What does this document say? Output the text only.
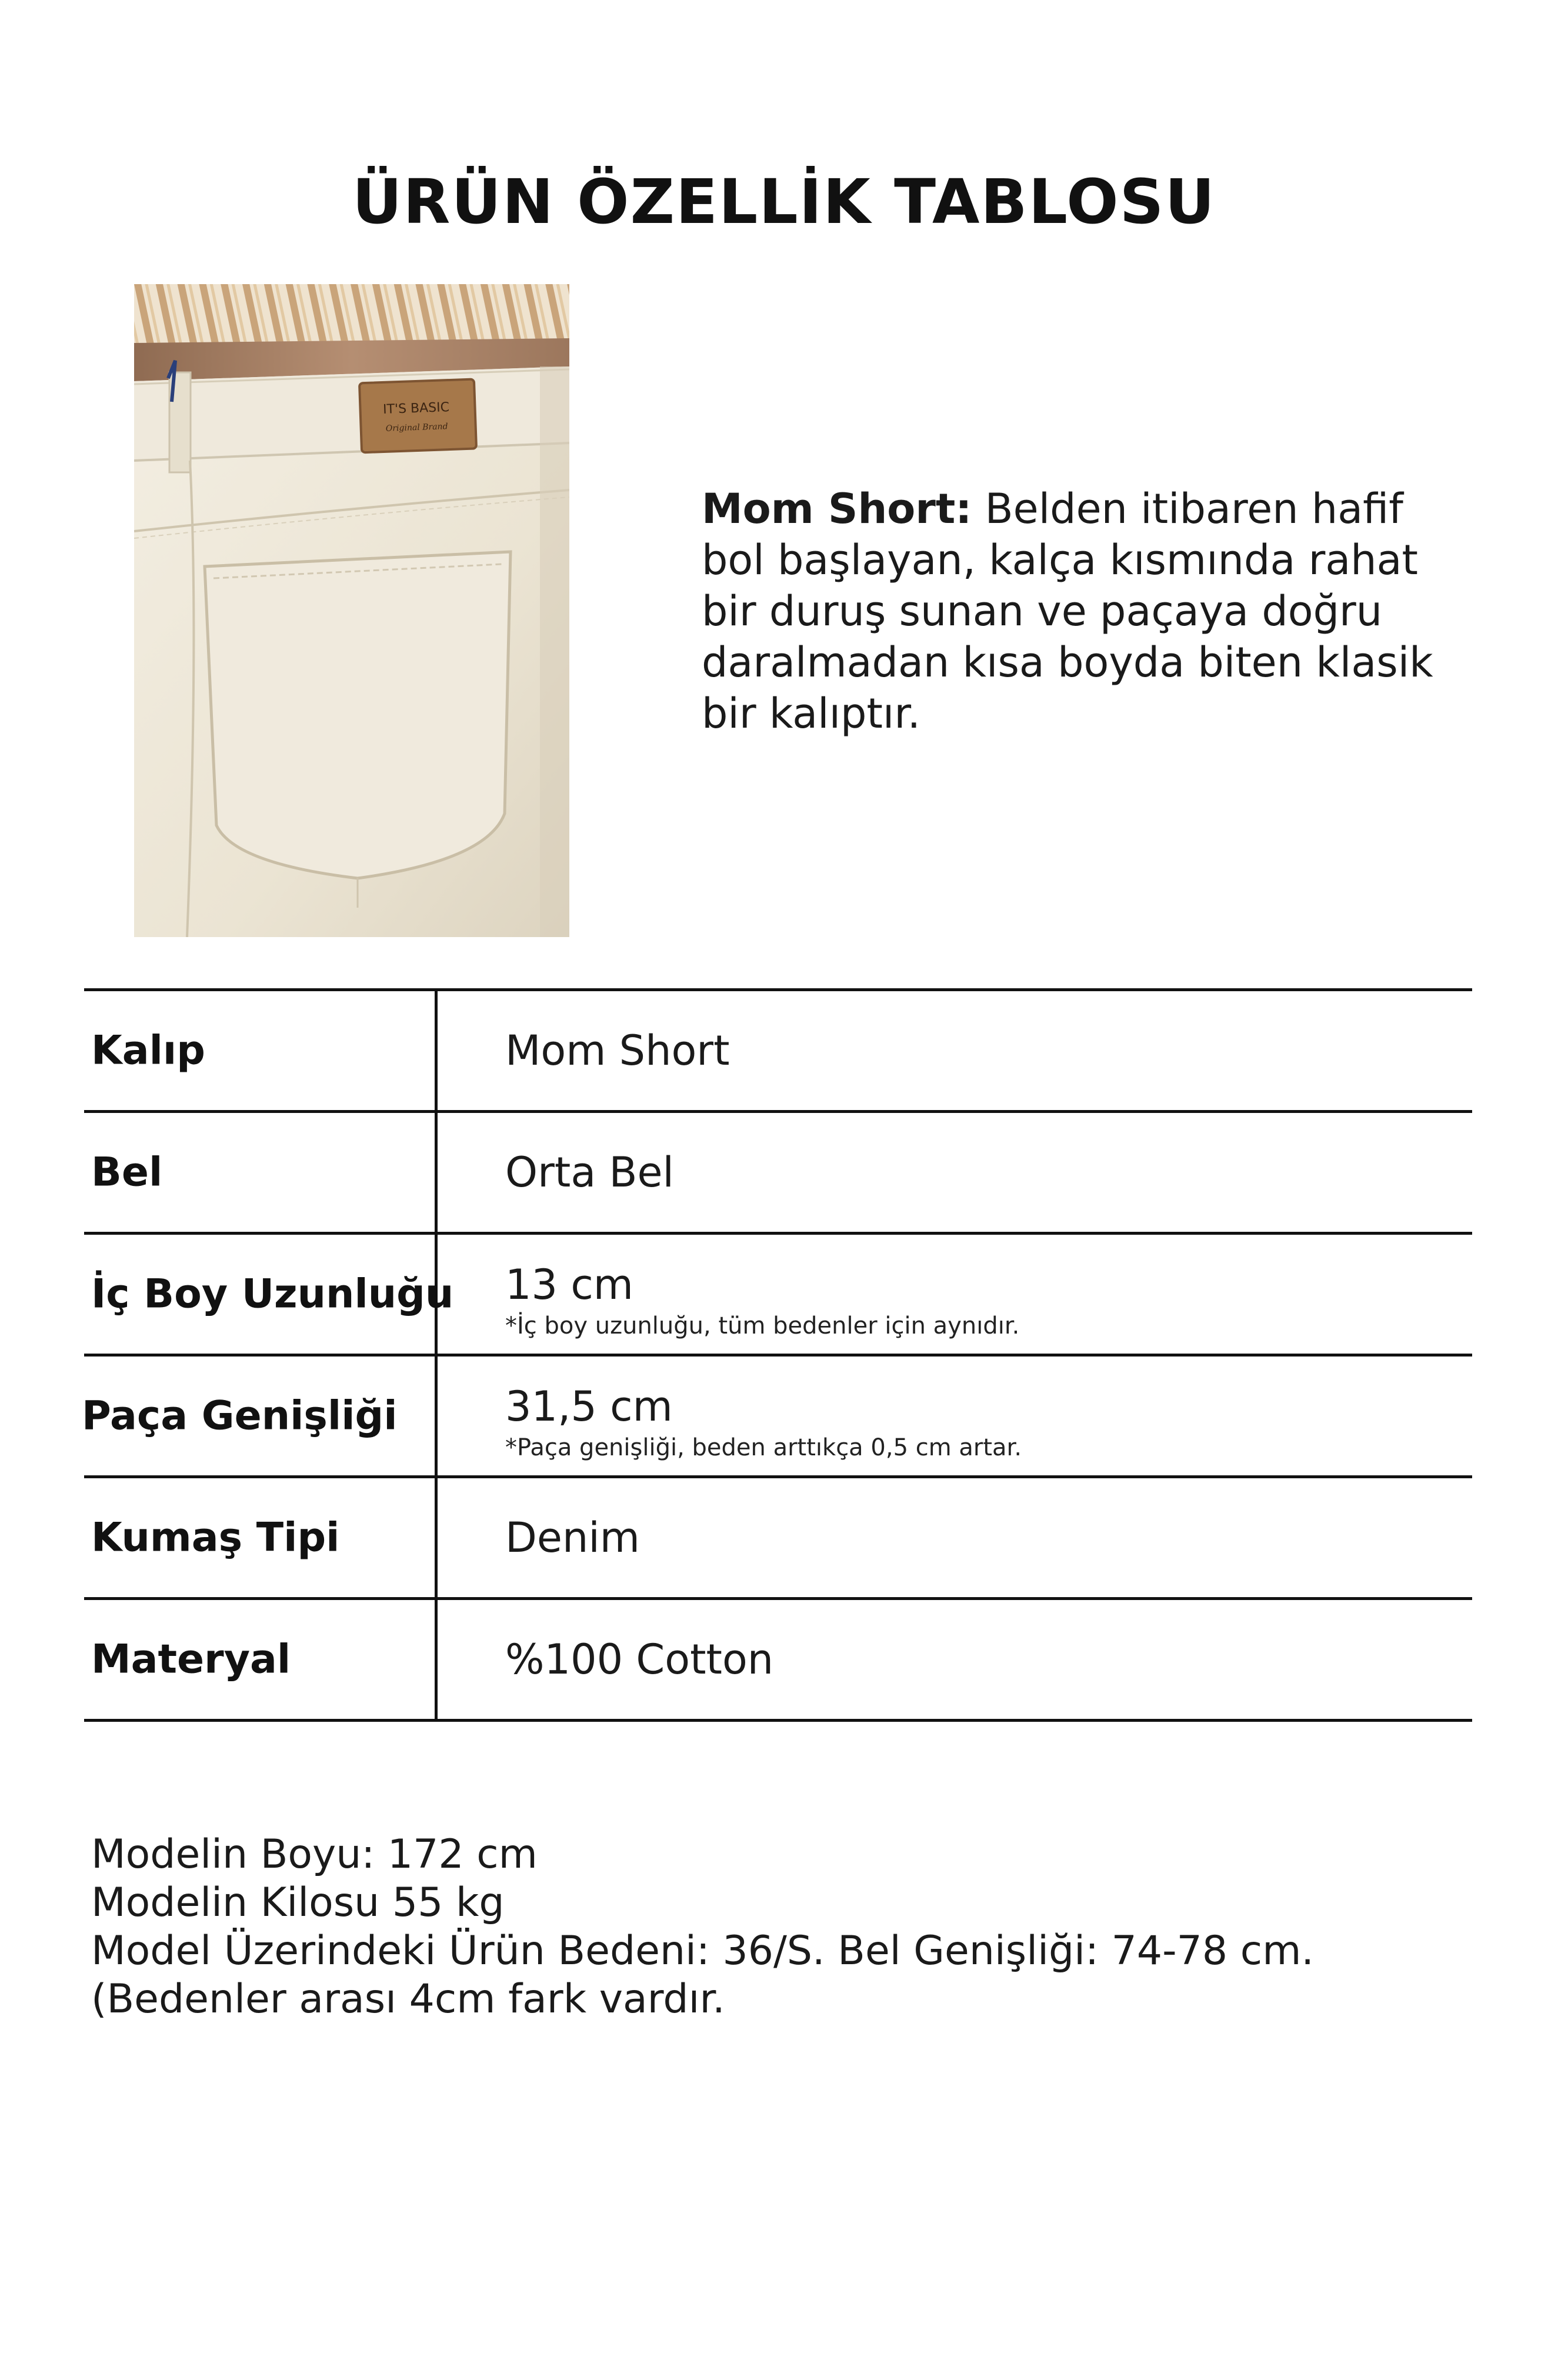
ÜRÜN ÖZELLİK TABLOSU
IT'S BASIC
Original Brand
Mom Short: Belden itibaren hafif bol başlayan, kalça kısmında rahat bir duruş sunan ve paçaya doğru daralmadan kısa boyda biten klasik bir kalıptır.
Kalıp	Mom Short
Bel	Orta Bel
İç Boy Uzunluğu 13 cm
*İç boy uzunluğu, tüm bedenler için aynıdır.
Paça Genişliği	31,5 cm
*Paça genişliği, beden arttıkça 0,5 cm artar.
Kumaş Tipi	Denim
Materyal	%100 Cotton
Modelin Boyu: 172 cm
Modelin Kilosu 55 kg
Model Üzerindeki Ürün Bedeni: 36/S. Bel Genişliği: 74-78 cm. (Bedenler arası 4cm fark vardır.
